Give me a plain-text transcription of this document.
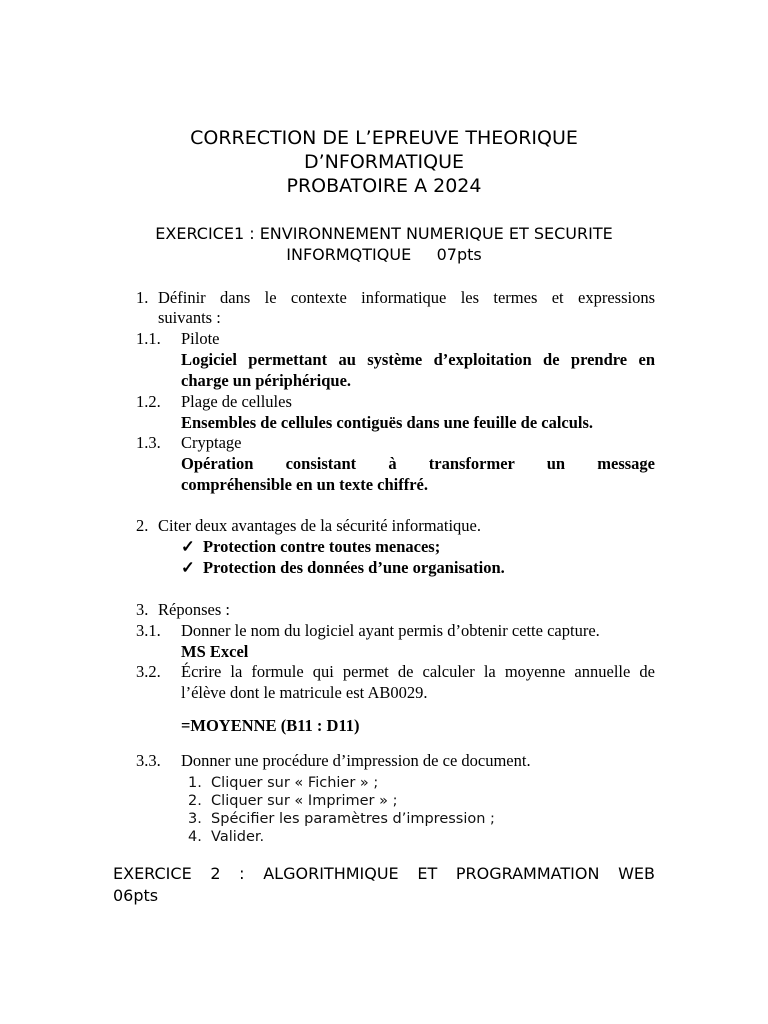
CORRECTION DE L’EPREUVE THEORIQUE
D’NFORMATIQUE
PROBATOIRE A 2024
EXERCICE1 : ENVIRONNEMENT NUMERIQUE ET SECURITE
INFORMQTIQUE     07pts
1. Définir dans le contexte informatique les termes et expressions
suivants :
1.1. Pilote
Logiciel permettant au système d’exploitation de prendre en
charge un périphérique.
1.2. Plage de cellules
Ensembles de cellules contiguës dans une feuille de calculs.
1.3. Cryptage
Opération consistant à transformer un message
compréhensible en un texte chiffré.
2. Citer deux avantages de la sécurité informatique.
✓ Protection contre toutes menaces;
✓ Protection des données d’une organisation.
3. Réponses :
3.1. Donner le nom du logiciel ayant permis d’obtenir cette capture.
MS Excel
3.2. Écrire la formule qui permet de calculer la moyenne annuelle de
l’élève dont le matricule est AB0029.
=MOYENNE (B11 : D11)
3.3. Donner une procédure d’impression de ce document.
1.  Cliquer sur « Fichier » ;
2.  Cliquer sur « Imprimer » ;
3.  Spécifier les paramètres d’impression ;
4.  Valider.
EXERCICE 2 : ALGORITHMIQUE ET PROGRAMMATION WEB
06pts
